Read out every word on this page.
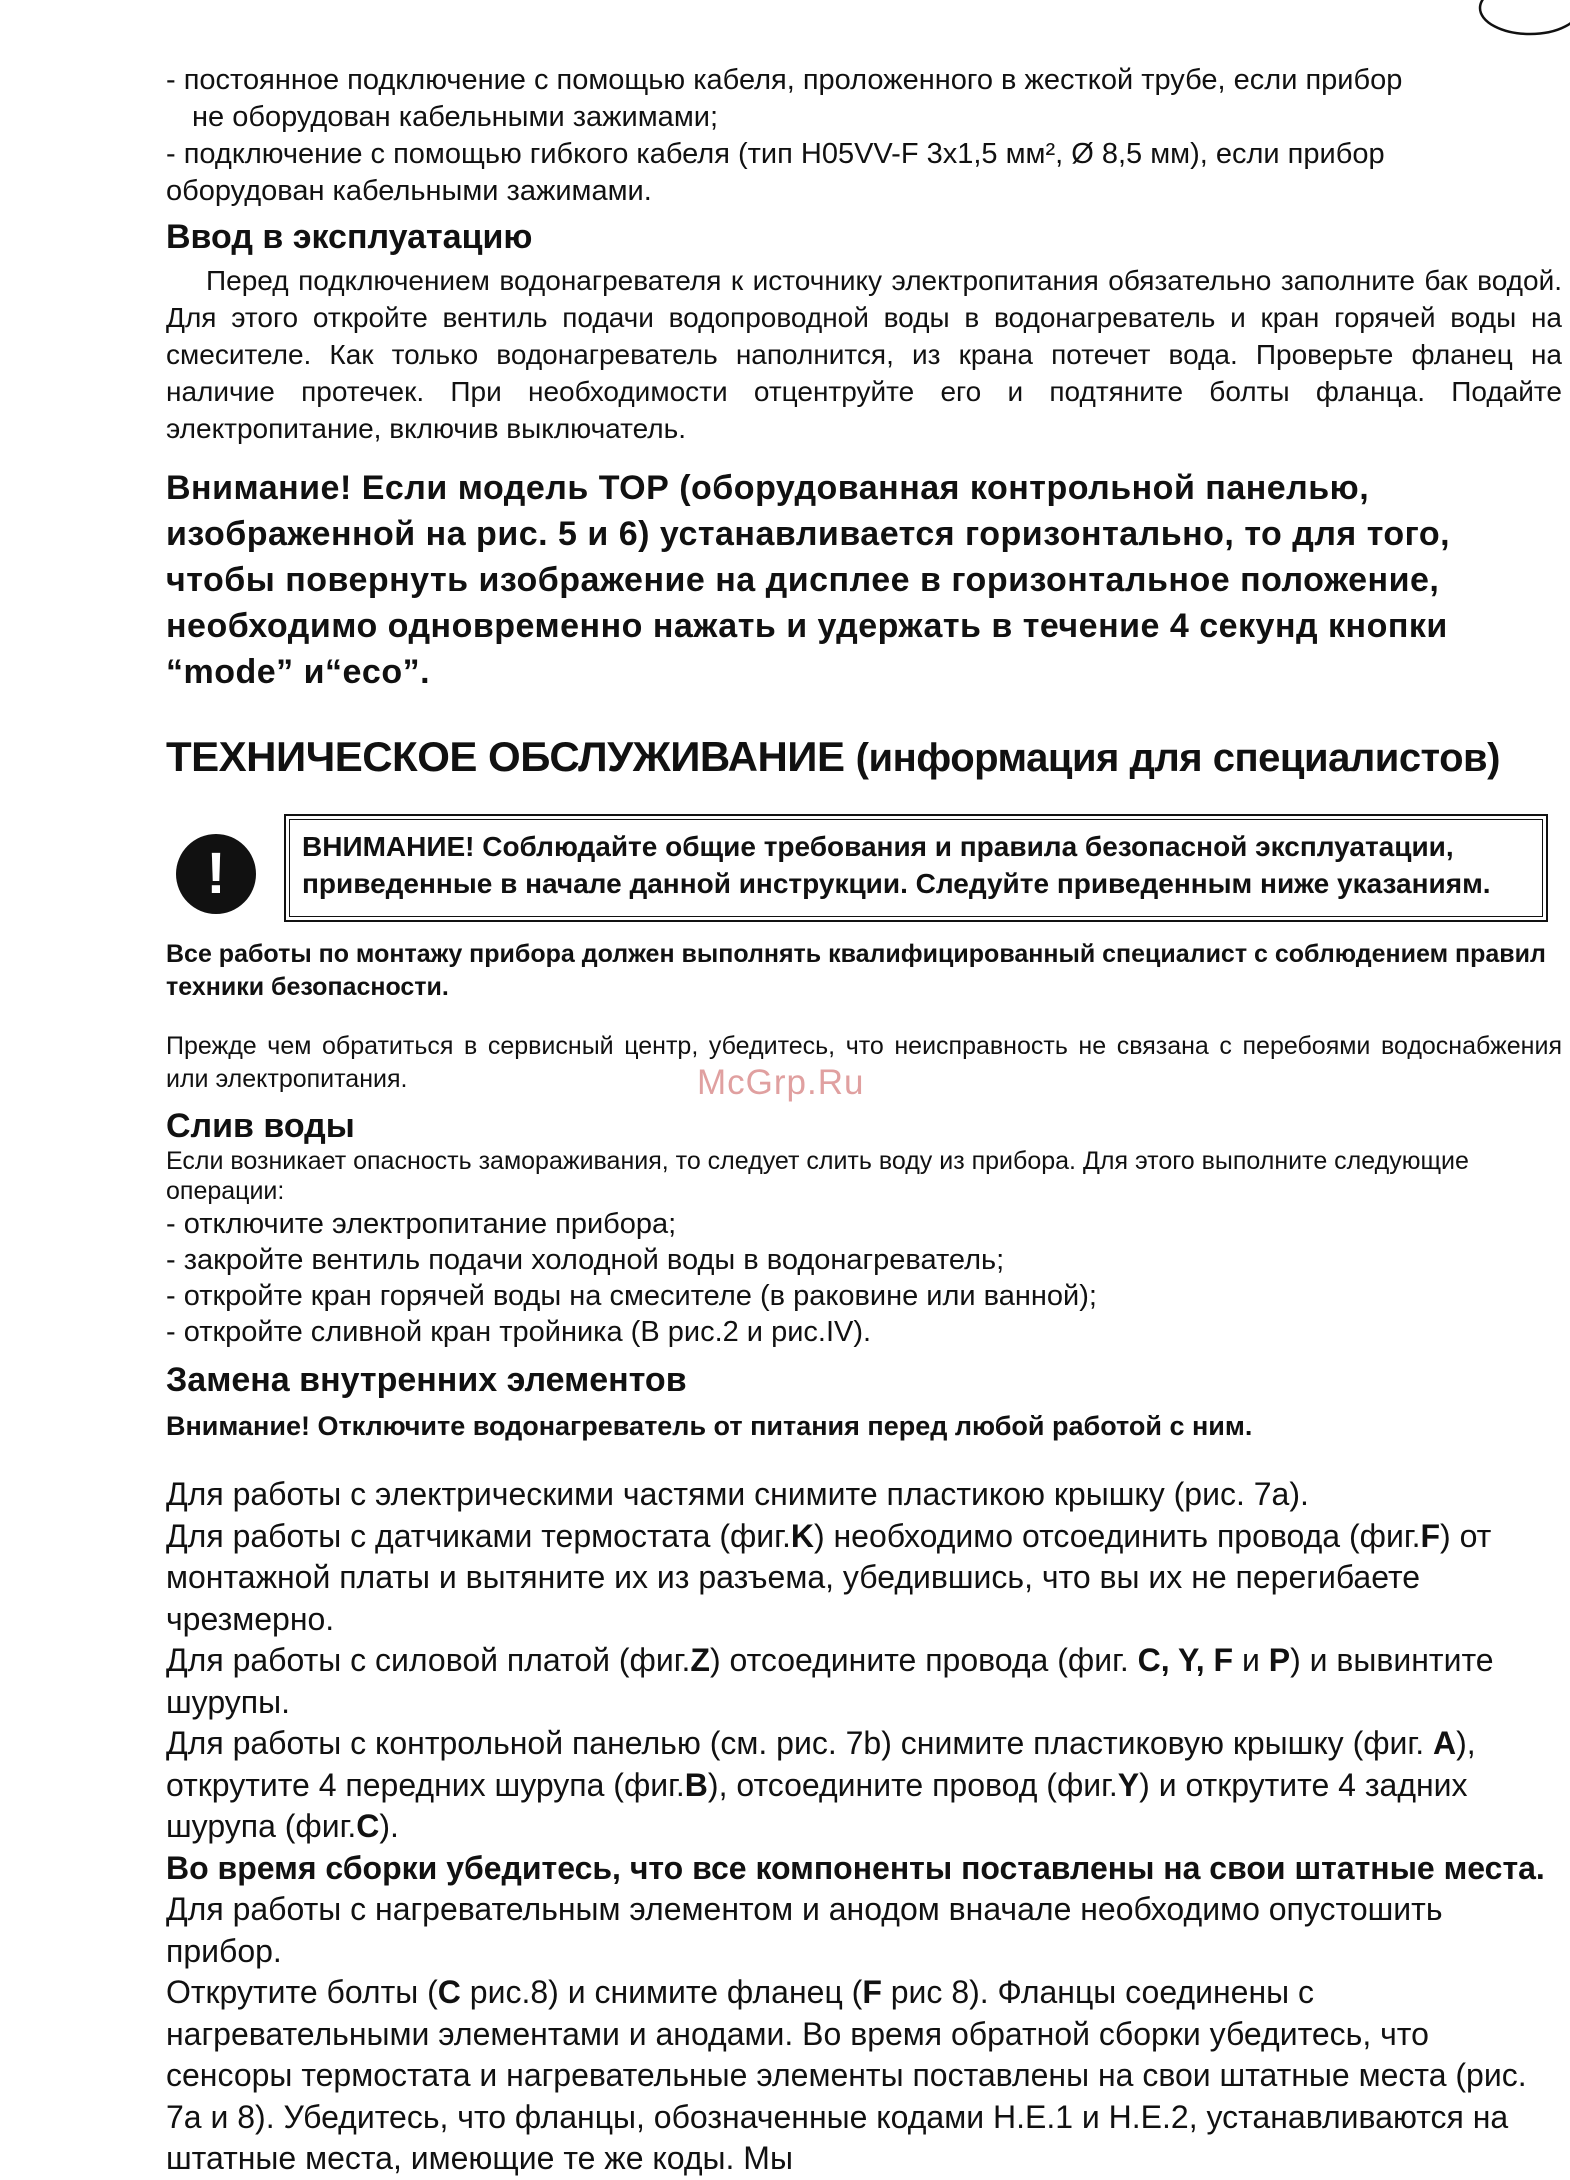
McGrp.Ru

- постоянное подключение с помощью кабеля, проложенного в жесткой трубе, если прибор

не оборудован кабельными зажимами;

- подключение с помощью гибкого кабеля (тип H05VV-F 3x1,5 мм², Ø 8,5 мм), если прибор

оборудован кабельными зажимами.

Ввод в эксплуатацию

Перед подключением водонагревателя к источнику электропитания обязательно заполните бак водой. Для этого откройте вентиль подачи водопроводной воды в водонагреватель и кран горячей воды на смесителе. Как только водонагреватель наполнится, из крана потечет вода. Проверьте фланец на наличие протечек. При необходимости отцентруйте его и подтяните болты фланца. Подайте электропитание, включив выключатель.

Внимание! Если модель ТОР (оборудованная контрольной панелью, изображенной на рис. 5 и 6) устанавливается горизонтально, то для того, чтобы повернуть изображение на дисплее в горизонтальное положение, необходимо одновременно нажать и удержать в течение 4 секунд кнопки “mode” и“eco”.

ТЕХНИЧЕСКОЕ ОБСЛУЖИВАНИЕ (информация для специалистов)

!	ВНИМАНИЕ! Соблюдайте общие требования и правила безопасной эксплуатации, приведенные в начале данной инструкции. Следуйте приведенным ниже указаниям.

Все работы по монтажу прибора должен выполнять квалифицированный специалист с соблюдением правил техники безопасности.

Прежде чем обратиться в сервисный центр, убедитесь, что неисправность не связана с перебоями водоснабжения или электропитания.

Слив воды

Если возникает опасность замораживания, то следует слить воду из прибора. Для этого выполните следующие операции:

- отключите электропитание прибора;

- закройте вентиль подачи холодной воды в водонагреватель;

- откройте кран горячей воды на смесителе (в раковине или ванной);

- откройте сливной кран тройника (В рис.2 и рис.IV).

Замена внутренних элементов

Внимание! Отключите водонагреватель от питания перед любой работой с ним.

Для работы с электрическими частями снимите пластикою крышку (рис. 7а).

Для работы с датчиками термостата (фиг.K) необходимо отсоединить провода (фиг.F) от монтажной платы и вытяните их из разъема, убедившись, что вы их не перегибаете чрезмерно.

Для работы с силовой платой (фиг.Z) отсоедините провода (фиг. C, Y, F и P) и вывинтите шурупы.

Для работы с контрольной панелью (см. рис. 7b) снимите пластиковую крышку (фиг. A), открутите 4 передних шурупа (фиг.B), отсоедините провод (фиг.Y) и открутите 4 задних шурупа (фиг.C).

Во время сборки убедитесь, что все компоненты поставлены на свои штатные места.

Для работы с нагревательным элементом и анодом вначале необходимо опустошить прибор.

Открутите болты (C рис.8) и снимите фланец (F рис 8). Фланцы соединены с нагревательными элементами и анодами. Во время обратной сборки убедитесь, что сенсоры термостата и нагревательные элементы поставлены на свои штатные места (рис. 7а и 8). Убедитесь, что фланцы, обозначенные кодами Н.Е.1 и Н.Е.2, устанавливаются на штатные места, имеющие те же коды. Мы
